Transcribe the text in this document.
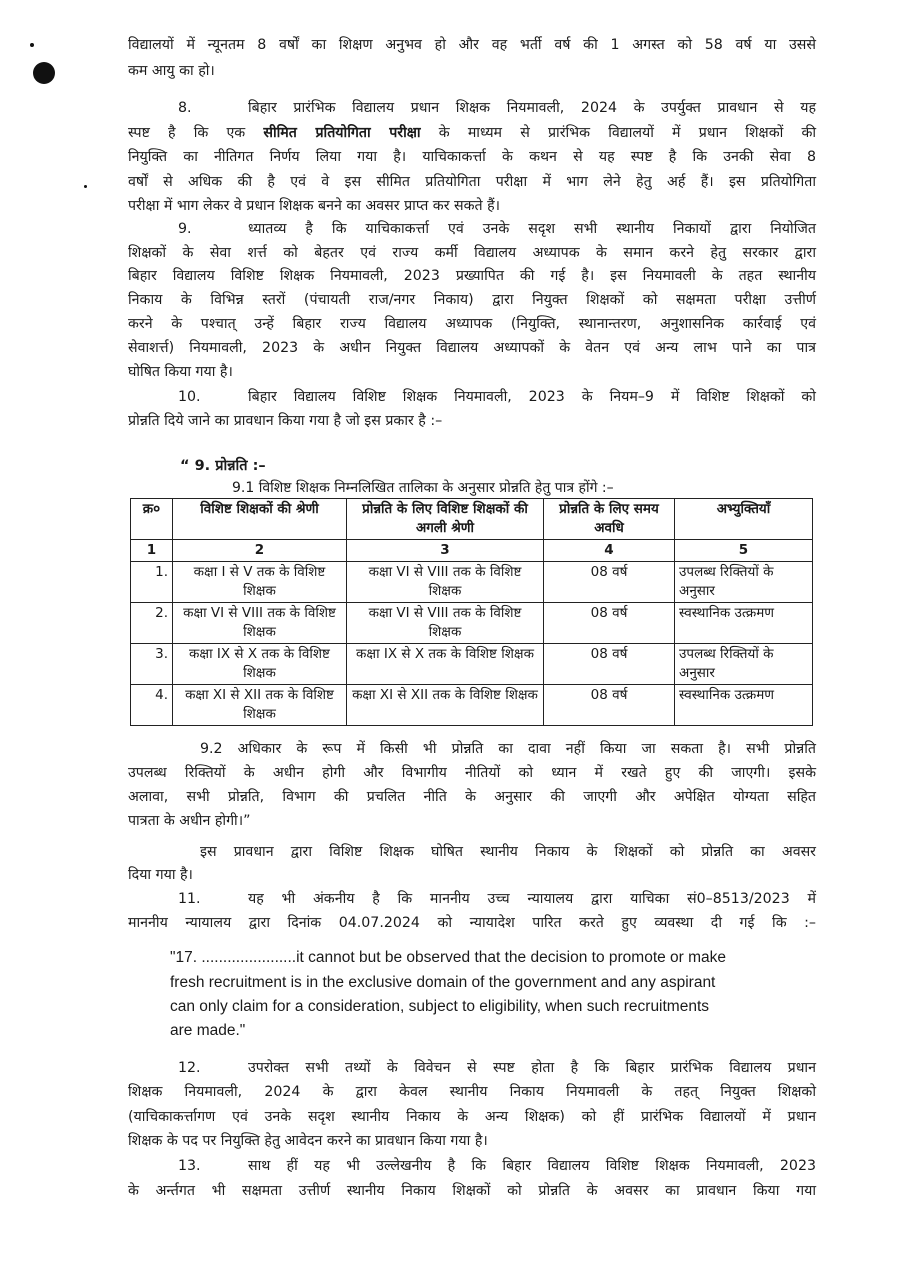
विद्यालयों में न्यूनतम 8 वर्षों का शिक्षण अनुभव हो और वह भर्ती वर्ष की 1 अगस्त को 58 वर्ष या उससे
कम आयु का हो।
8.	बिहार प्रारंभिक विद्यालय प्रधान शिक्षक नियमावली, 2024 के उपर्युक्त प्रावधान से यह
स्पष्ट है कि एक सीमित प्रतियोगिता परीक्षा के माध्यम से प्रारंभिक विद्यालयों में प्रधान शिक्षकों की
नियुक्ति का नीतिगत निर्णय लिया गया है। याचिकाकर्त्ता के कथन से यह स्पष्ट है कि उनकी सेवा 8
वर्षों से अधिक की है एवं वे इस सीमित प्रतियोगिता परीक्षा में भाग लेने हेतु अर्ह हैं। इस प्रतियोगिता
परीक्षा में भाग लेकर वे प्रधान शिक्षक बनने का अवसर प्राप्त कर सकते हैं।
9.	ध्यातव्य है कि याचिकाकर्त्ता एवं उनके सदृश सभी स्थानीय निकायों द्वारा नियोजित
शिक्षकों के सेवा शर्त्त को बेहतर एवं राज्य कर्मी विद्यालय अध्यापक के समान करने हेतु सरकार द्वारा
बिहार विद्यालय विशिष्ट शिक्षक नियमावली, 2023 प्रख्यापित की गई है। इस नियमावली के तहत स्थानीय
निकाय के विभिन्न स्तरों (पंचायती राज/नगर निकाय) द्वारा नियुक्त शिक्षकों को सक्षमता परीक्षा उत्तीर्ण
करने के पश्चात् उन्हें बिहार राज्य विद्यालय अध्यापक (नियुक्ति, स्थानान्तरण, अनुशासनिक कार्रवाई एवं
सेवाशर्त्त) नियमावली, 2023 के अधीन नियुक्त विद्यालय अध्यापकों के वेतन एवं अन्य लाभ पाने का पात्र
घोषित किया गया है।
10.	बिहार विद्यालय विशिष्ट शिक्षक नियमावली, 2023 के नियम–9 में विशिष्ट शिक्षकों को
प्रोन्नति दिये जाने का प्रावधान किया गया है जो इस प्रकार है :–
“ 9. प्रोन्नति :–
9.1 विशिष्ट शिक्षक निम्नलिखित तालिका के अनुसार प्रोन्नति हेतु पात्र होंगे :–
क्र०	विशिष्ट शिक्षकों की श्रेणी	प्रोन्नति के लिए विशिष्ट शिक्षकों की अगली श्रेणी	प्रोन्नति के लिए समय अवधि	अभ्युक्तियाँ
1	2	3	4	5
1.	कक्षा I से V तक के विशिष्ट शिक्षक	कक्षा VI से VIII तक के विशिष्ट शिक्षक	08 वर्ष	उपलब्ध रिक्तियों के अनुसार
2.	कक्षा VI से VIII तक के विशिष्ट शिक्षक	कक्षा VI से VIII तक के विशिष्ट शिक्षक	08 वर्ष	स्वस्थानिक उत्क्रमण
3.	कक्षा IX से X तक के विशिष्ट शिक्षक	कक्षा IX से X तक के विशिष्ट शिक्षक	08 वर्ष	उपलब्ध रिक्तियों के अनुसार
4.	कक्षा XI से XII तक के विशिष्ट शिक्षक	कक्षा XI से XII तक के विशिष्ट शिक्षक	08 वर्ष	स्वस्थानिक उत्क्रमण
9.2 अधिकार के रूप में किसी भी प्रोन्नति का दावा नहीं किया जा सकता है। सभी प्रोन्नति
उपलब्ध रिक्तियों के अधीन होगी और विभागीय नीतियों को ध्यान में रखते हुए की जाएगी। इसके
अलावा, सभी प्रोन्नति, विभाग की प्रचलित नीति के अनुसार की जाएगी और अपेक्षित योग्यता सहित
पात्रता के अधीन होगी।”
इस प्रावधान द्वारा विशिष्ट शिक्षक घोषित स्थानीय निकाय के शिक्षकों को प्रोन्नति का अवसर
दिया गया है।
11.	यह भी अंकनीय है कि माननीय उच्च न्यायालय द्वारा याचिका सं0–8513/2023 में
माननीय न्यायालय द्वारा दिनांक 04.07.2024 को न्यायादेश पारित करते हुए व्यवस्था दी गई कि :–
"17. ......................it cannot but be observed that the decision to promote or make
fresh recruitment is in the exclusive domain of the government and any aspirant
can only claim for a consideration, subject to eligibility, when such recruitments
are made."
12.	उपरोक्त सभी तथ्यों के विवेचन से स्पष्ट होता है कि बिहार प्रारंभिक विद्यालय प्रधान
शिक्षक नियमावली, 2024 के द्वारा केवल स्थानीय निकाय नियमावली के तहत् नियुक्त शिक्षको
(याचिकाकर्त्तागण एवं उनके सदृश स्थानीय निकाय के अन्य शिक्षक) को हीं प्रारंभिक विद्यालयों में प्रधान
शिक्षक के पद पर नियुक्ति हेतु आवेदन करने का प्रावधान किया गया है।
13.	साथ हीं यह भी उल्लेखनीय है कि बिहार विद्यालय विशिष्ट शिक्षक नियमावली, 2023
के अर्न्तगत भी सक्षमता उत्तीर्ण स्थानीय निकाय शिक्षकों को प्रोन्नति के अवसर का प्रावधान किया गया
